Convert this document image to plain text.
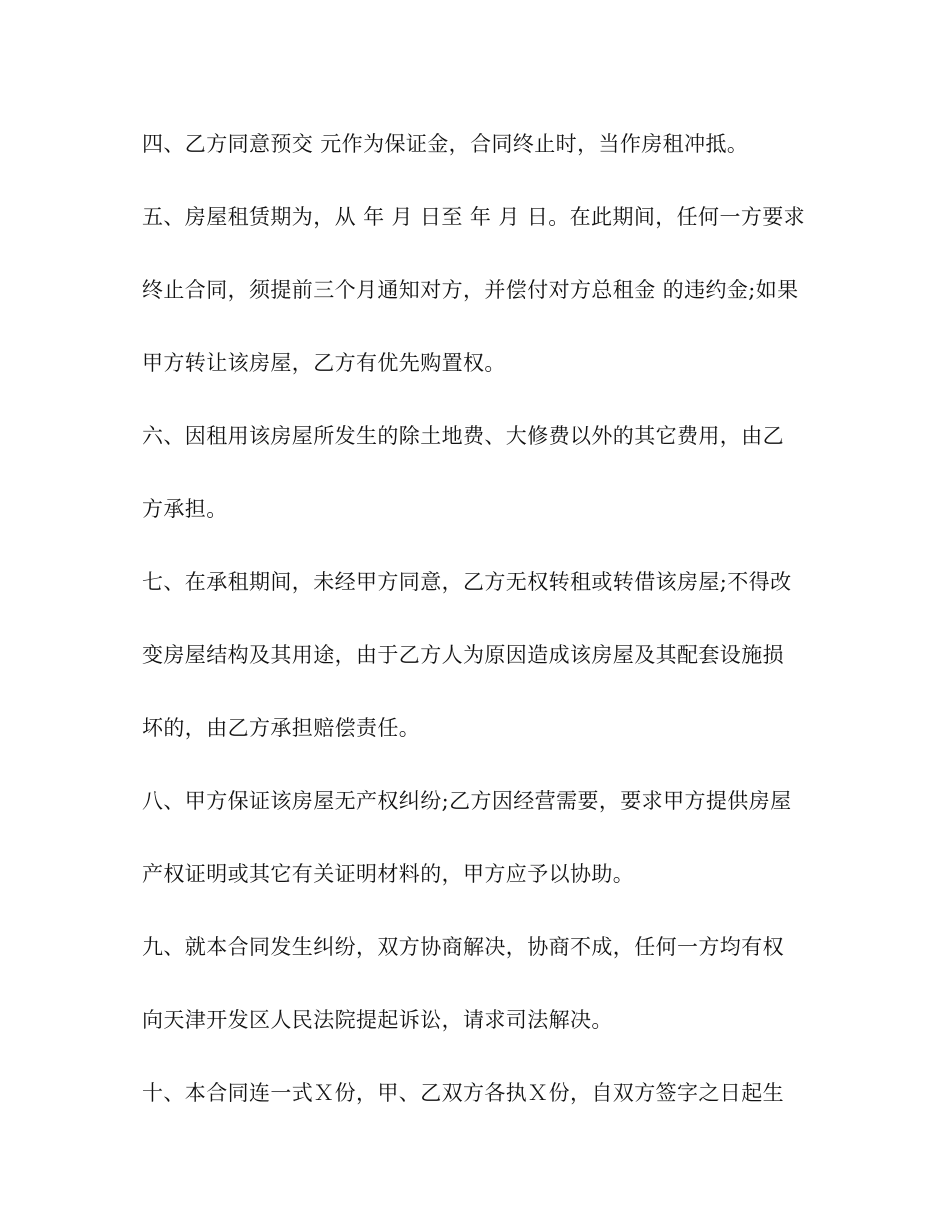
四、乙方同意预交 元作为保证金，合同终止时，当作房租冲抵。

五、房屋租赁期为，从 年 月 日至 年 月 日。在此期间，任何一方要求

终止合同，须提前三个月通知对方，并偿付对方总租金 的违约金;如果

甲方转让该房屋，乙方有优先购置权。

六、因租用该房屋所发生的除土地费、大修费以外的其它费用，由乙

方承担。

七、在承租期间，未经甲方同意，乙方无权转租或转借该房屋;不得改

变房屋结构及其用途，由于乙方人为原因造成该房屋及其配套设施损

坏的，由乙方承担赔偿责任。

八、甲方保证该房屋无产权纠纷;乙方因经营需要，要求甲方提供房屋

产权证明或其它有关证明材料的，甲方应予以协助。

九、就本合同发生纠纷，双方协商解决，协商不成，任何一方均有权

向天津开发区人民法院提起诉讼，请求司法解决。

十、本合同连一式Ｘ份，甲、乙双方各执Ｘ份，自双方签字之日起生
